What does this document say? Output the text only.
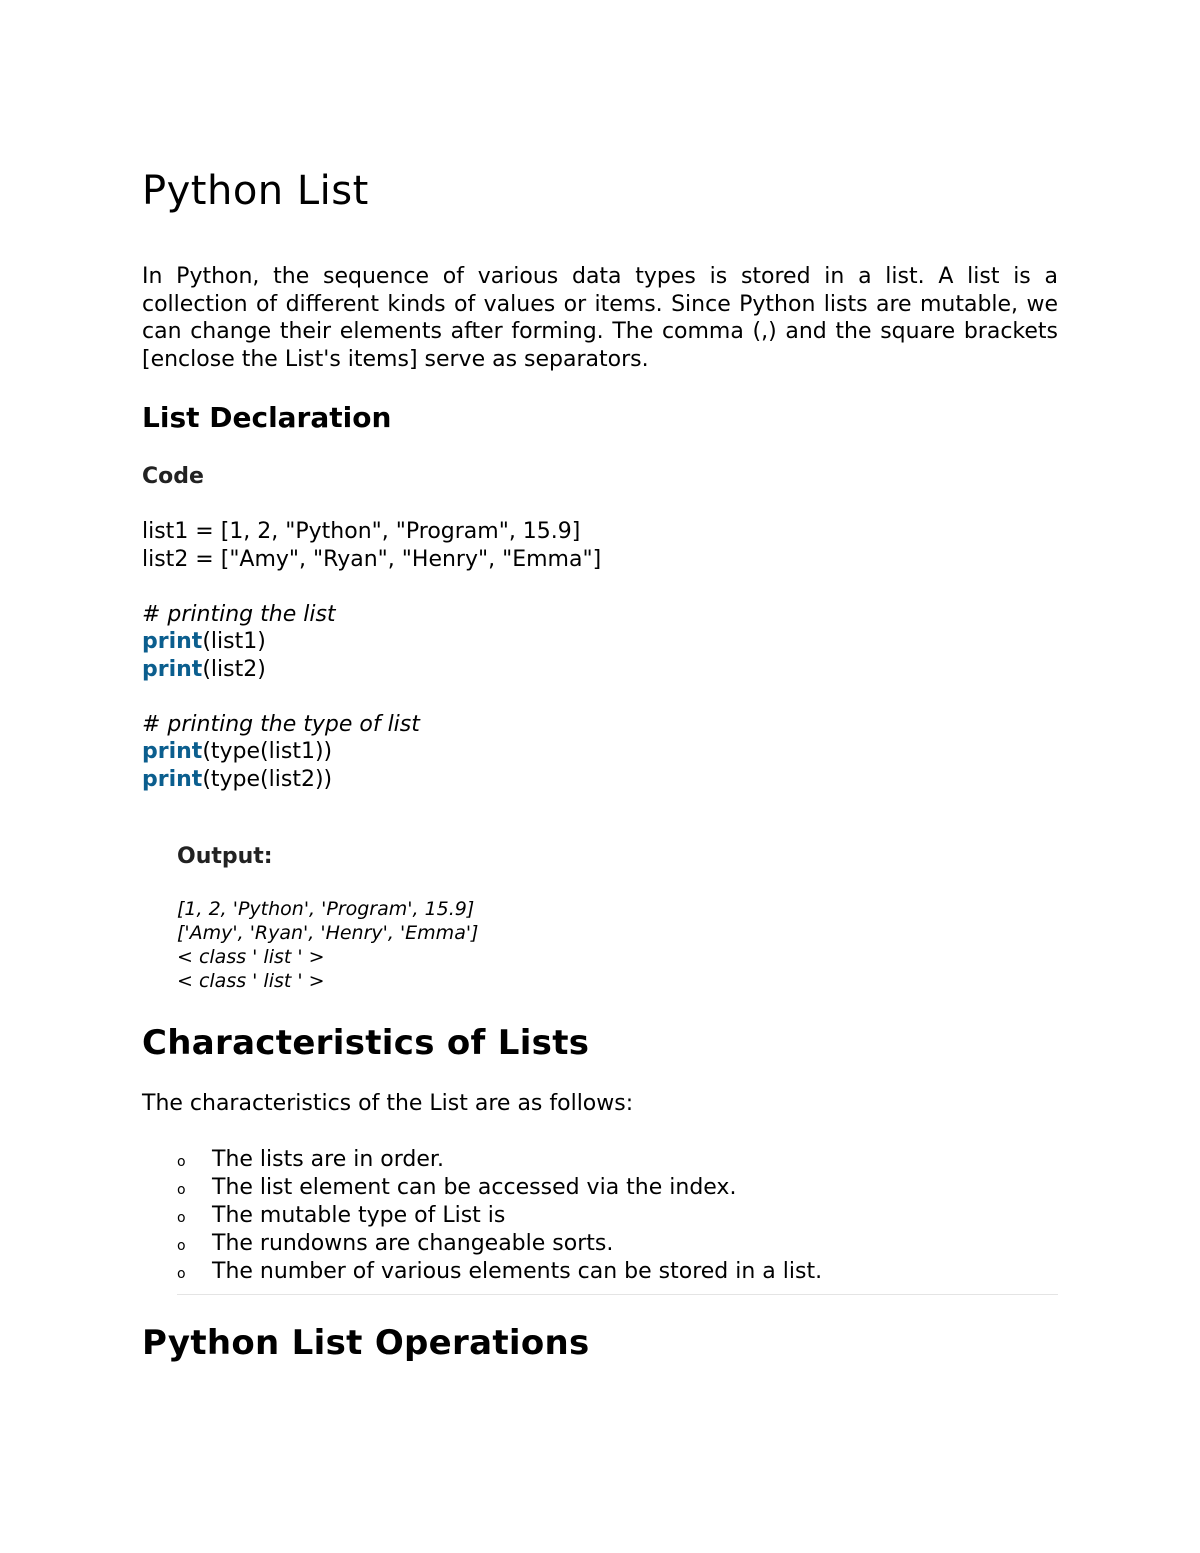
Python List

In Python, the sequence of various data types is stored in a list. A list is a collection of different kinds of values or items. Since Python lists are mutable, we can change their elements after forming. The comma (,) and the square brackets [enclose the List's items] serve as separators.

List Declaration
Code
list1 = [1, 2, "Python", "Program", 15.9]
list2 = ["Amy", "Ryan", "Henry", "Emma"]
# printing the list
print(list1)
print(list2)
# printing the type of list
print(type(list1))
print(type(list2))
Output:
[1, 2, 'Python', 'Program', 15.9]
['Amy', 'Ryan', 'Henry', 'Emma']
< class ' list ' >
< class ' list ' >
Characteristics of Lists

The characteristics of the List are as follows:

o The lists are in order.
o The list element can be accessed via the index.
o The mutable type of List is
o The rundowns are changeable sorts.
o The number of various elements can be stored in a list.
Python List Operations
